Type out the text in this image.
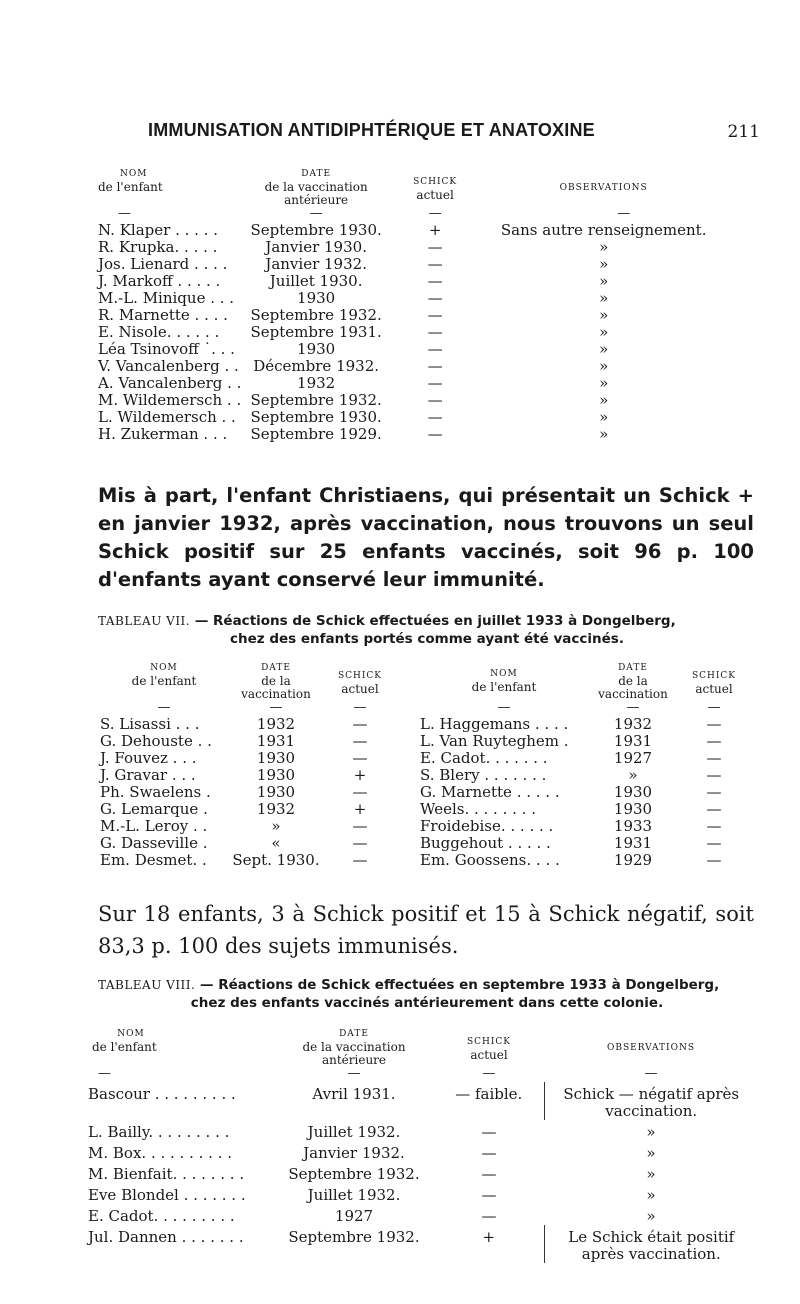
IMMUNISATION ANTIDIPHTÉRIQUE ET ANATOXINE	211
NOM
de l'enfant	DATE
de la vaccination
antérieure	SCHICK
actuel	OBSERVATIONS

—	—	—	—
N. Klaper . . . . .	Septembre 1930.	+	Sans autre renseignement.
R. Krupka. . . . .	Janvier 1930.	—	»
Jos. Lienard . . . .	Janvier 1932.	—	»
J. Markoff . . . . .	Juillet 1930.	—	»
M.-L. Minique . . .	1930	—	»
R. Marnette . . . .	Septembre 1932.	—	»
E. Nisole. . . . . .	Septembre 1931.	—	»
Léa Tsinovoff ˙. . .	1930	—	»
V. Vancalenberg . .	Décembre 1932.	—	»
A. Vancalenberg . .	1932	—	»
M. Wildemersch . .	Septembre 1932.	—	»
L. Wildemersch . .	Septembre 1930.	—	»
H. Zukerman . . .	Septembre 1929.	—	»
Mis à part, l'enfant Christiaens, qui présentait un Schick + en janvier 1932, après vaccination, nous trouvons un seul Schick positif sur 25 enfants vaccinés, soit 96 p. 100 d'enfants ayant conservé leur immunité.
TABLEAU VII. — Réactions de Schick effectuées en juillet 1933 à Dongelberg,
chez des enfants portés comme ayant été vaccinés.
NOM
de l'enfant	DATE
de la
vaccination	SCHICK
actuel		NOM
de l'enfant	DATE
de la
vaccination	SCHICK
actuel

—	—	—		—	—	—
S. Lisassi . . .	1932	—		L. Haggemans . . . .	1932	—
G. Dehouste . .	1931	—		L. Van Ruyteghem .	1931	—
J. Fouvez . . .	1930	—		E. Cadot. . . . . . .	1927	—
J. Gravar . . .	1930	+		S. Blery . . . . . . .	»	—
Ph. Swaelens .	1930	—		G. Marnette . . . . .	1930	—
G. Lemarque .	1932	+		Weels. . . . . . . .	1930	—
M.-L. Leroy . .	»	—		Froidebise. . . . . .	1933	—
G. Dasseville .	«	—		Buggehout . . . . .	1931	—
Em. Desmet. .	Sept. 1930.	—		Em. Goossens. . . .	1929	—
Sur 18 enfants, 3 à Schick positif et 15 à Schick négatif, soit 83,3 p. 100 des sujets immunisés.
TABLEAU VIII. — Réactions de Schick effectuées en septembre 1933 à Dongelberg,
chez des enfants vaccinés antérieurement dans cette colonie.
NOM
de l'enfant	DATE
de la vaccination
antérieure	SCHICK
actuel	OBSERVATIONS

—	—	—	—
Bascour . . . . . . . . .	Avril 1931.	— faible.	Schick — négatif après
vaccination.

L. Bailly. . . . . . . . .	Juillet 1932.	—	»

M. Box. . . . . . . . . .	Janvier 1932.	—	»

M. Bienfait. . . . . . . .	Septembre 1932.	—	»

Eve Blondel . . . . . . .	Juillet 1932.	—	»

E. Cadot. . . . . . . . .	1927	—	»

Jul. Dannen . . . . . . .	Septembre 1932.	+	Le Schick était positif
après vaccination.
